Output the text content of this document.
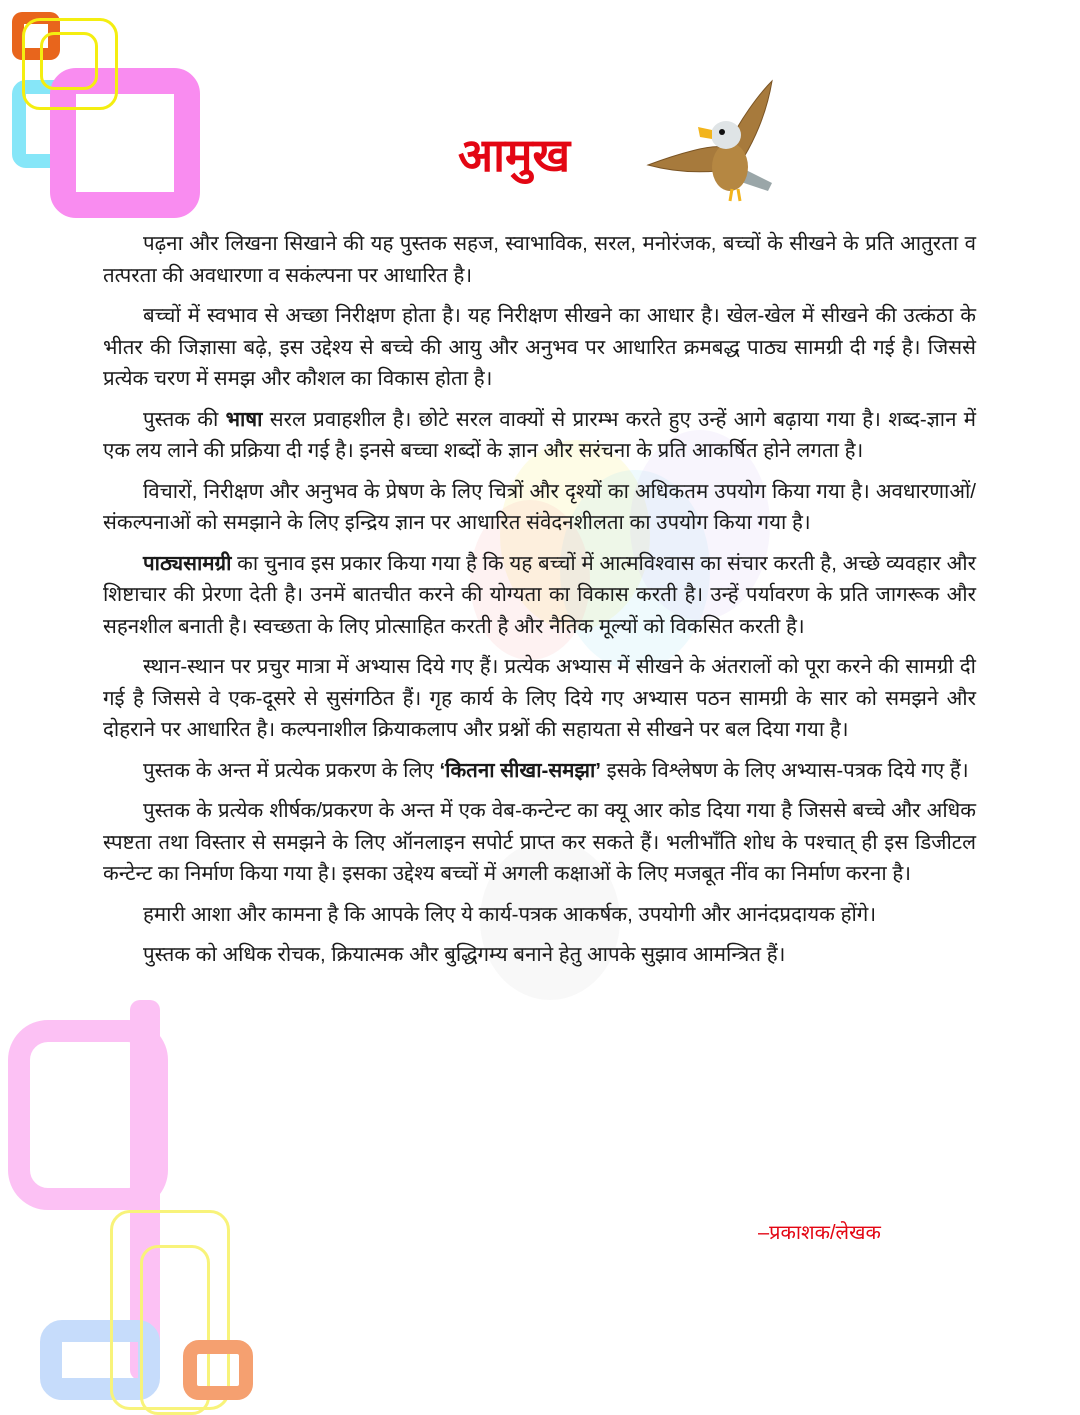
आमुख

पढ़ना और लिखना सिखाने की यह पुस्तक सहज, स्वाभाविक, सरल, मनोरंजक, बच्चों के सीखने के प्रति आतुरता व तत्परता की अवधारणा व सकंल्पना पर आधारित है।

बच्चों में स्वभाव से अच्छा निरीक्षण होता है। यह निरीक्षण सीखने का आधार है। खेल-खेल में सीखने की उत्कंठा के भीतर की जिज्ञासा बढ़े, इस उद्देश्य से बच्चे की आयु और अनुभव पर आधारित क्रमबद्ध पाठ्य सामग्री दी गई है। जिससे प्रत्येक चरण में समझ और कौशल का विकास होता है।

पुस्तक की भाषा सरल प्रवाहशील है। छोटे सरल वाक्यों से प्रारम्भ करते हुए उन्हें आगे बढ़ाया गया है। शब्द-ज्ञान में एक लय लाने की प्रक्रिया दी गई है। इनसे बच्चा शब्दों के ज्ञान और सरंचना के प्रति आकर्षित होने लगता है।

विचारों, निरीक्षण और अनुभव के प्रेषण के लिए चित्रों और दृश्यों का अधिकतम उपयोग किया गया है। अवधारणाओं/संकल्पनाओं को समझाने के लिए इन्द्रिय ज्ञान पर आधारित संवेदनशीलता का उपयोग किया गया है।

पाठ्यसामग्री का चुनाव इस प्रकार किया गया है कि यह बच्चों में आत्मविश्वास का संचार करती है, अच्छे व्यवहार और शिष्टाचार की प्रेरणा देती है। उनमें बातचीत करने की योग्यता का विकास करती है। उन्हें पर्यावरण के प्रति जागरूक और सहनशील बनाती है। स्वच्छता के लिए प्रोत्साहित करती है और नैतिक मूल्यों को विकसित करती है।

स्थान-स्थान पर प्रचुर मात्रा में अभ्यास दिये गए हैं। प्रत्येक अभ्यास में सीखने के अंतरालों को पूरा करने की सामग्री दी गई है जिससे वे एक-दूसरे से सुसंगठित हैं। गृह कार्य के लिए दिये गए अभ्यास पठन सामग्री के सार को समझने और दोहराने पर आधारित है। कल्पनाशील क्रियाकलाप और प्रश्नों की सहायता से सीखने पर बल दिया गया है।

पुस्तक के अन्त में प्रत्येक प्रकरण के लिए ‘कितना सीखा-समझा’ इसके विश्लेषण के लिए अभ्यास-पत्रक दिये गए हैं।

पुस्तक के प्रत्येक शीर्षक/प्रकरण के अन्त में एक वेब-कन्टेन्ट का क्यू आर कोड दिया गया है जिससे बच्चे और अधिक स्पष्टता तथा विस्तार से समझने के लिए ऑनलाइन सपोर्ट प्राप्त कर सकते हैं। भलीभाँति शोध के पश्चात् ही इस डिजीटल कन्टेन्ट का निर्माण किया गया है। इसका उद्देश्य बच्चों में अगली कक्षाओं के लिए मजबूत नींव का निर्माण करना है।

हमारी आशा और कामना है कि आपके लिए ये कार्य-पत्रक आकर्षक, उपयोगी और आनंदप्रदायक होंगे।

पुस्तक को अधिक रोचक, क्रियात्मक और बुद्धिगम्य बनाने हेतु आपके सुझाव आमन्त्रित हैं।

–प्रकाशक/लेखक
